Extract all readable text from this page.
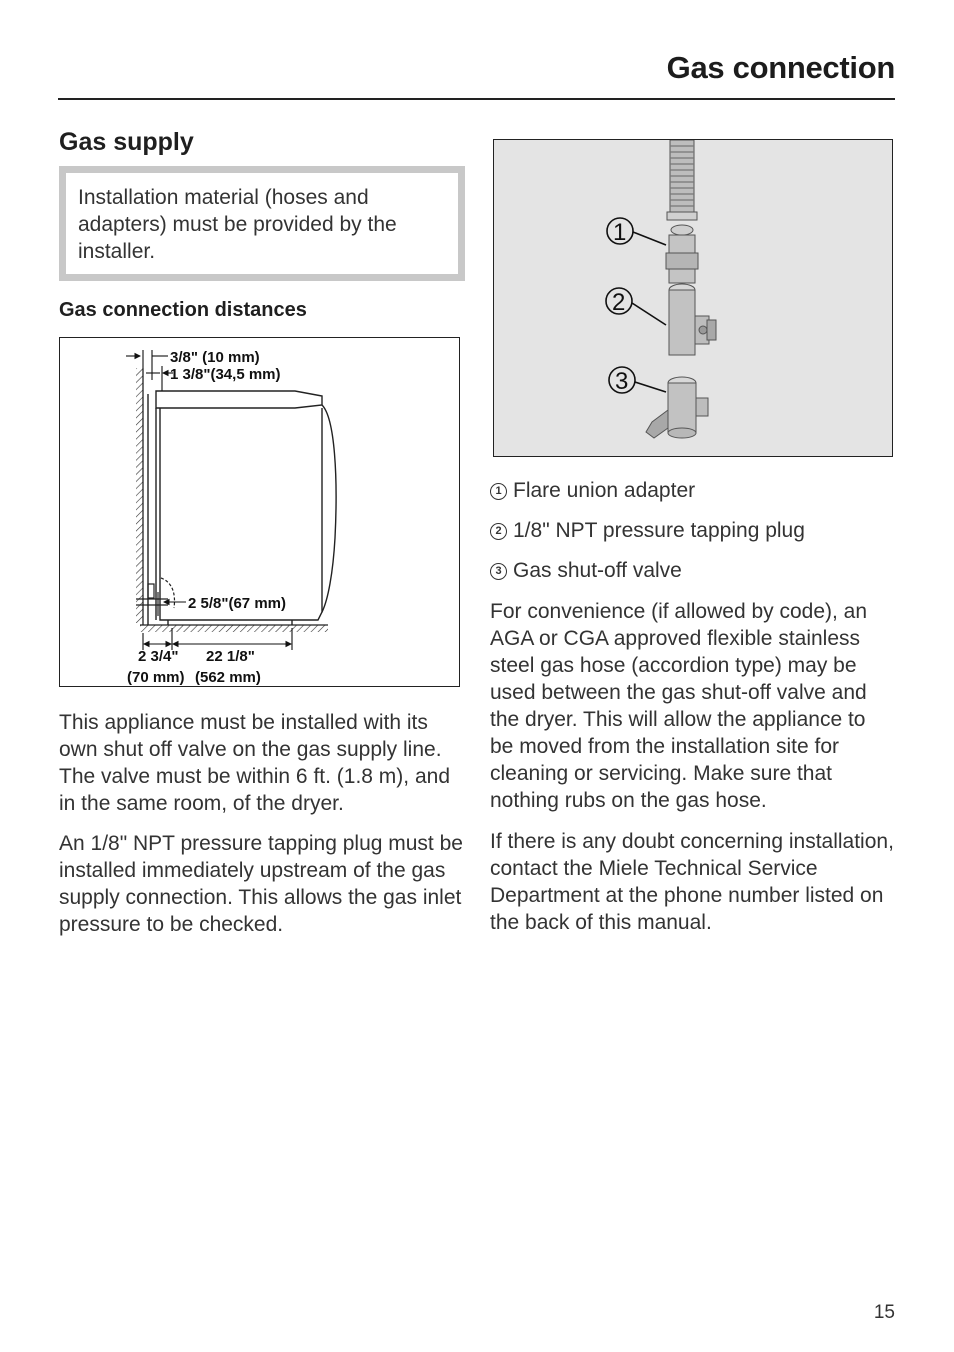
Gas connection
Gas supply
Installation material (hoses and adapters) must be provided by the installer.
Gas connection distances
3/8" (10 mm)
1 3/8"(34,5 mm)
2 5/8"(67 mm)
2 3/4" 22 1/8"
(70 mm) (562 mm)

This appliance must be installed with its own shut off valve on the gas supply line. The valve must be within 6 ft. (1.8 m), and in the same room, of the dryer.

An 1/8" NPT pressure tapping plug must be installed immediately upstream of the gas supply connection. This allows the gas inlet pressure to be checked.

1
2
3
1 Flare union adapter
2 1/8" NPT pressure tapping plug
3 Gas shut-off valve

For convenience (if allowed by code), an AGA or CGA approved flexible stainless steel gas hose (accordion type) may be used between the gas shut-off valve and the dryer. This will allow the appliance to be moved from the installation site for cleaning or servicing. Make sure that nothing rubs on the gas hose.

If there is any doubt concerning installation, contact the Miele Technical Service Department at the phone number listed on the back of this manual.

15
